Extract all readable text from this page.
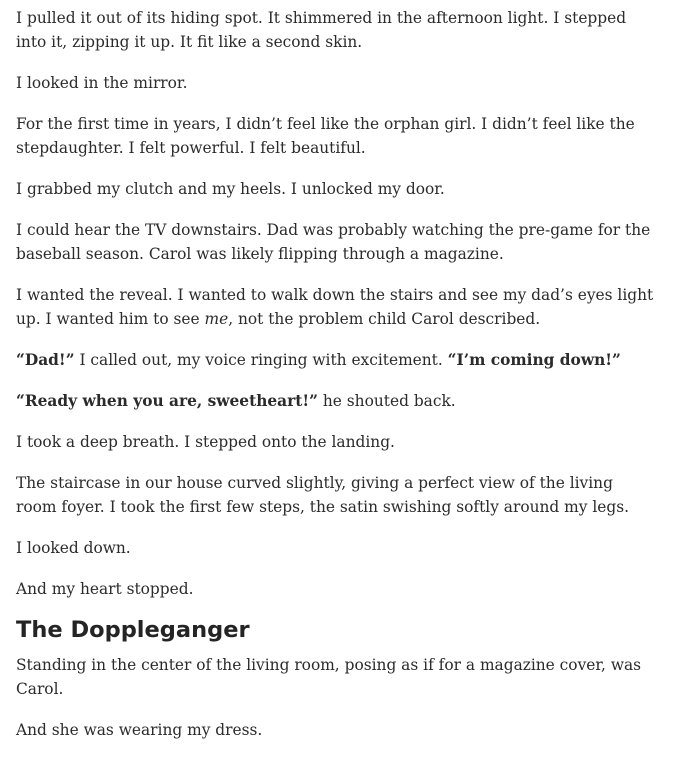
I pulled it out of its hiding spot. It shimmered in the afternoon light. I stepped into it, zipping it up. It fit like a second skin.

I looked in the mirror.

For the first time in years, I didn’t feel like the orphan girl. I didn’t feel like the stepdaughter. I felt powerful. I felt beautiful.

I grabbed my clutch and my heels. I unlocked my door.

I could hear the TV downstairs. Dad was probably watching the pre-game for the baseball season. Carol was likely flipping through a magazine.

I wanted the reveal. I wanted to walk down the stairs and see my dad’s eyes light up. I wanted him to see me, not the problem child Carol described.

“Dad!” I called out, my voice ringing with excitement. “I’m coming down!”

“Ready when you are, sweetheart!” he shouted back.

I took a deep breath. I stepped onto the landing.

The staircase in our house curved slightly, giving a perfect view of the living room foyer. I took the first few steps, the satin swishing softly around my legs.

I looked down.

And my heart stopped.

The Doppleganger

Standing in the center of the living room, posing as if for a magazine cover, was Carol.

And she was wearing my dress.
